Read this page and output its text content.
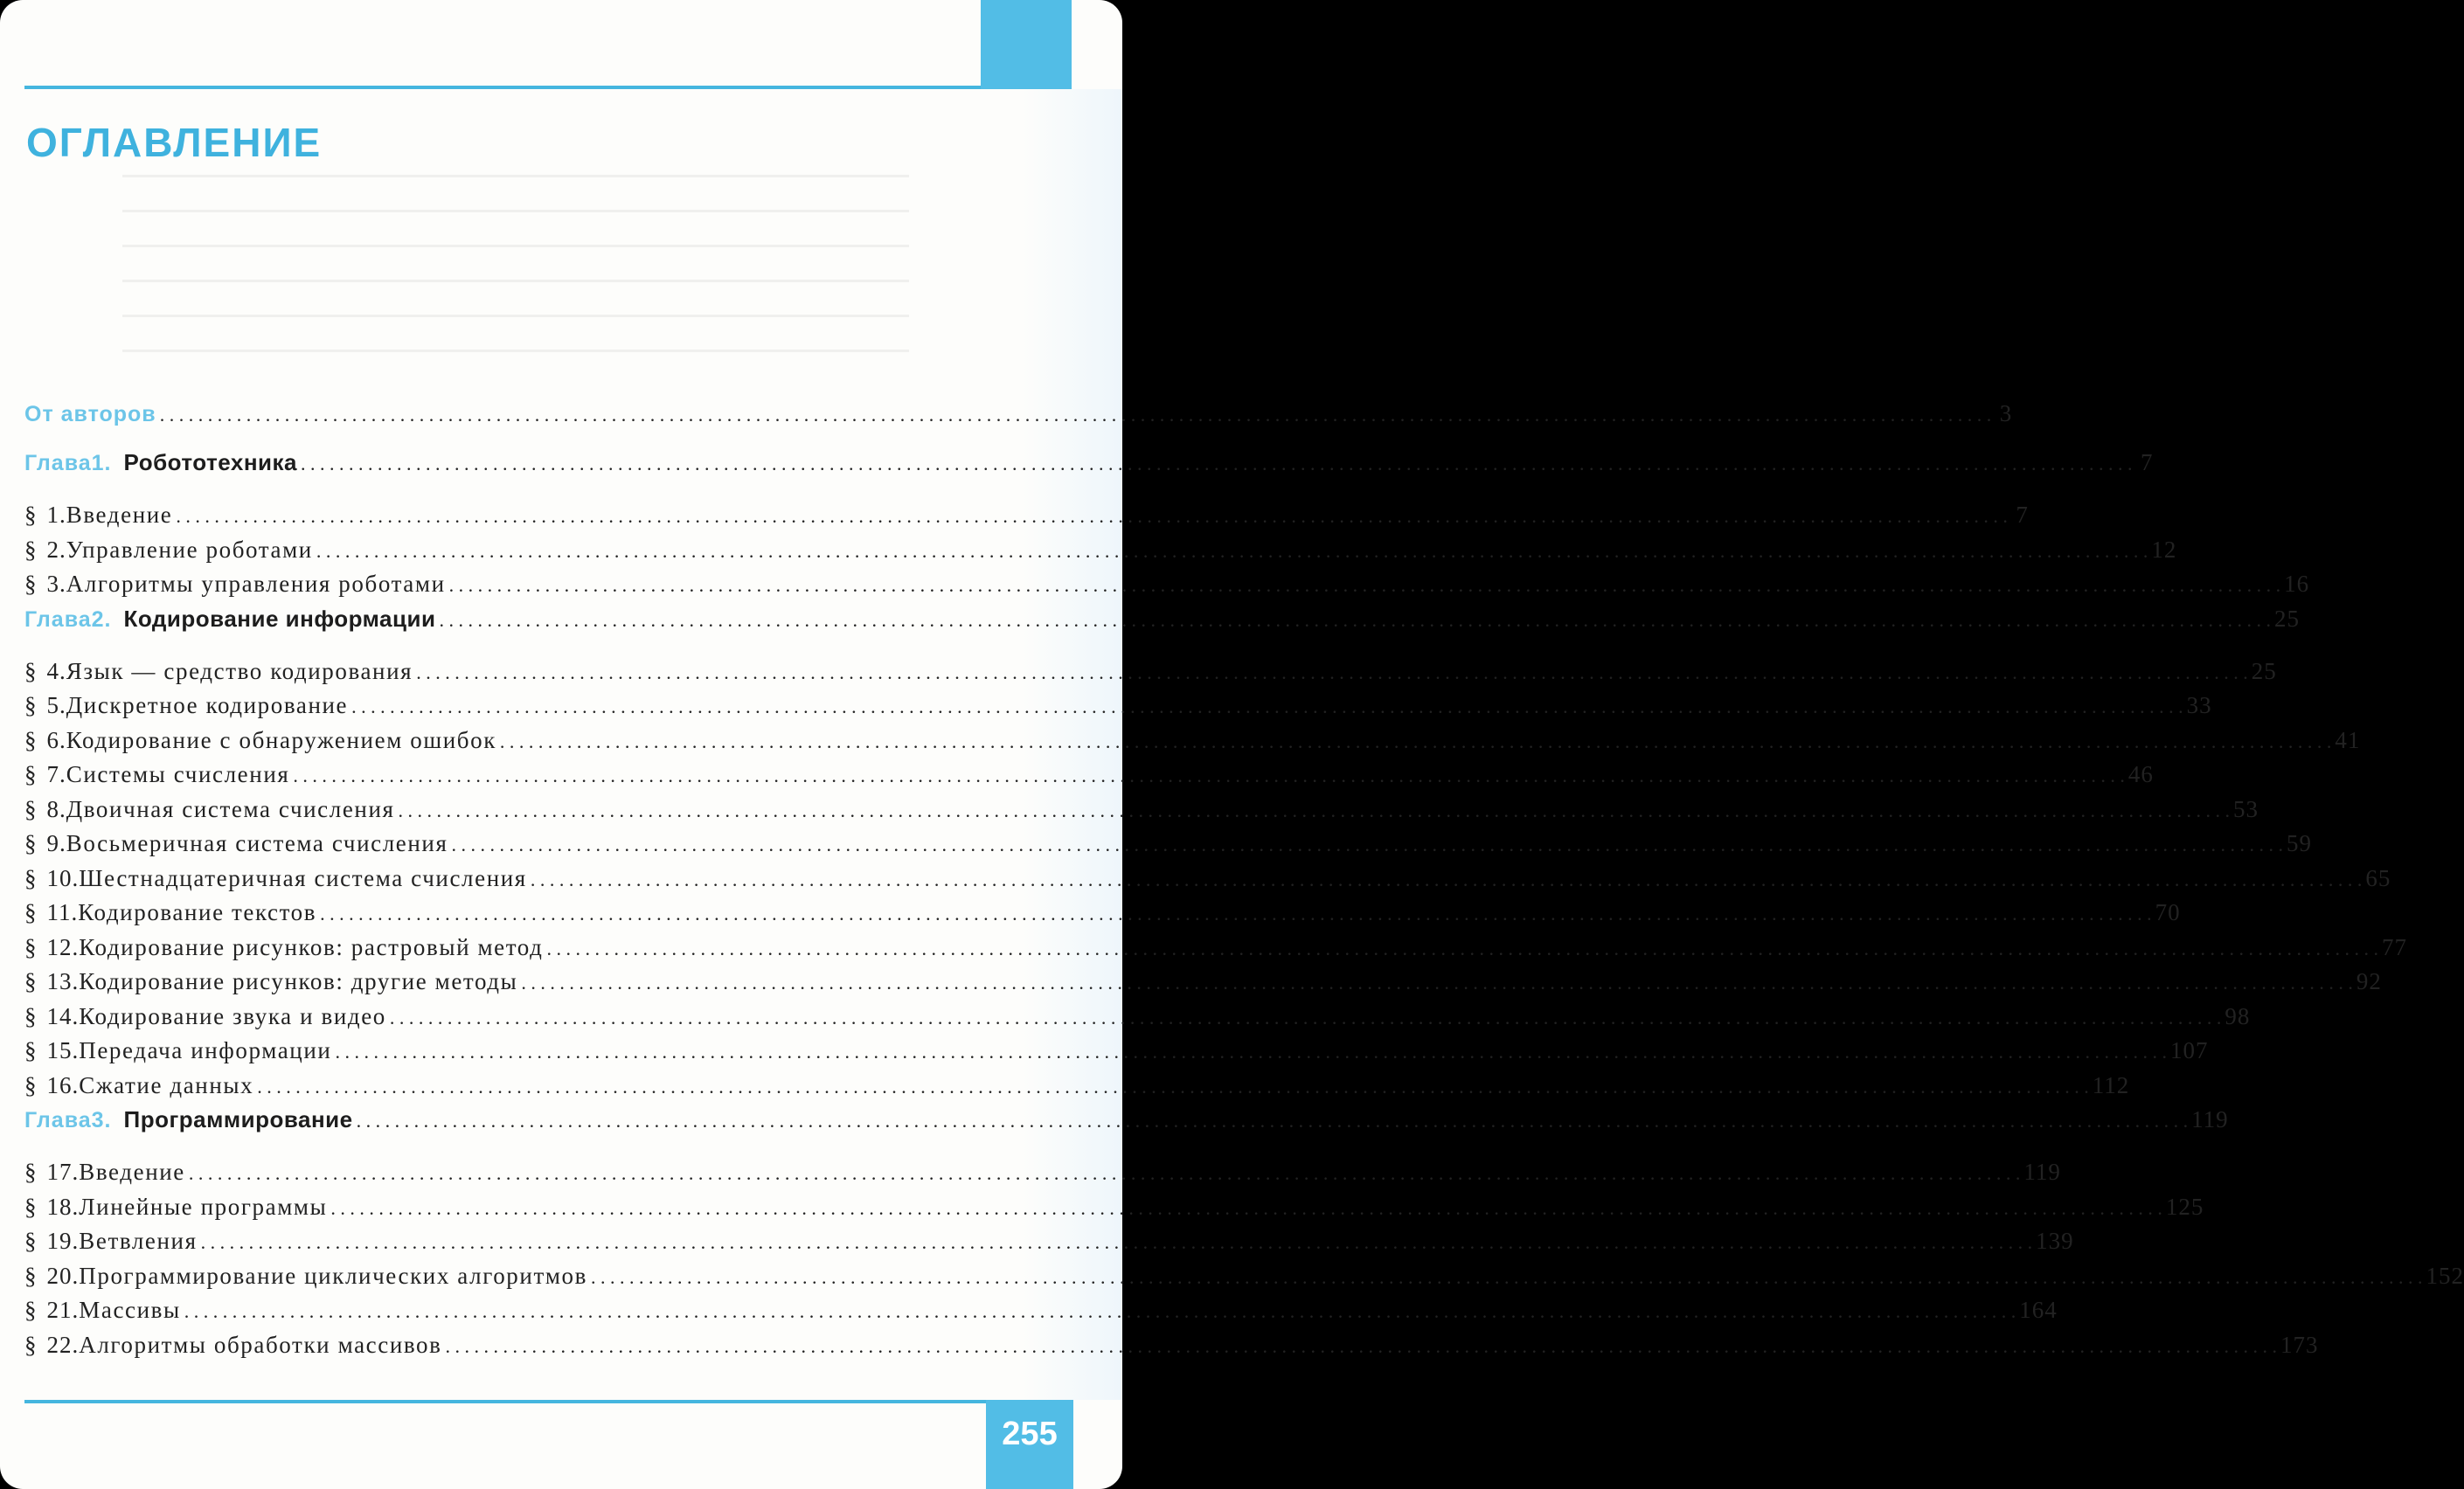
ОГЛАВЛЕНИЕ
От авторов . . .	3
Глава 1. Робототехника . . .	7
§ 1. Введение . . .	7
§ 2. Управление роботами . . .	12
§ 3. Алгоритмы управления роботами . . .	16
Глава 2. Кодирование информации . . .	25
§ 4. Язык — средство кодирования . . .	25
§ 5. Дискретное кодирование . . .	33
§ 6. Кодирование с обнаружением ошибок . . .	41
§ 7. Системы счисления . . .	46
§ 8. Двоичная система счисления . . .	53
§ 9. Восьмеричная система счисления . . .	59
§ 10. Шестнадцатеричная система счисления . . .	65
§ 11. Кодирование текстов . . .	70
§ 12. Кодирование рисунков: растровый метод . . .	77
§ 13. Кодирование рисунков: другие методы . . .	92
§ 14. Кодирование звука и видео . . .	98
§ 15. Передача информации . . .	107
§ 16. Сжатие данных . . .	112
Глава 3. Программирование . . .	119
§ 17. Введение . . .	119
§ 18. Линейные программы . . .	125
§ 19. Ветвления . . .	139
§ 20. Программирование циклических алгоритмов . . .	152
§ 21. Массивы . . .	164
§ 22. Алгоритмы обработки массивов . . .	173
255
